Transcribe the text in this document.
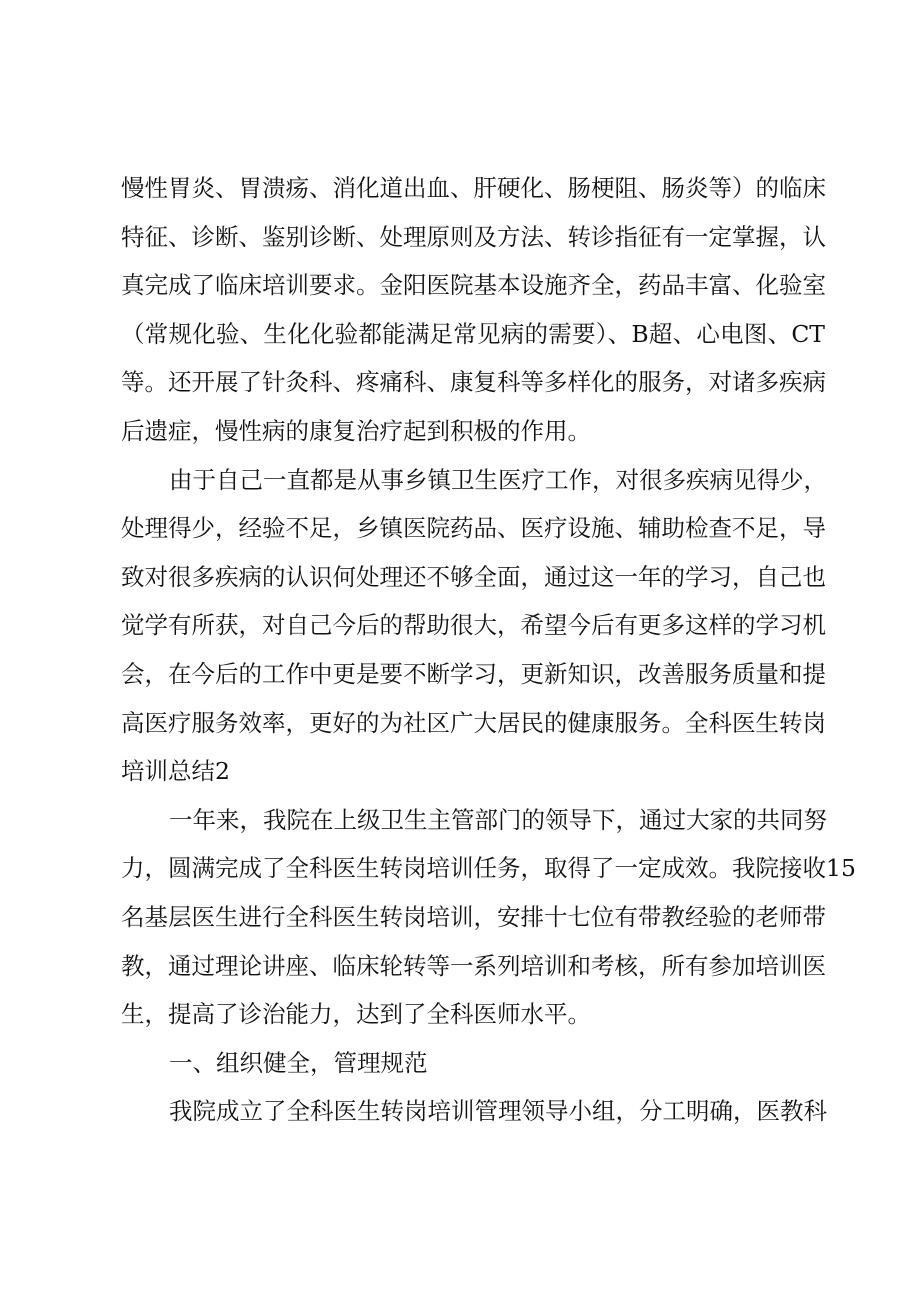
慢性胃炎、胃溃疡、消化道出血、肝硬化、肠梗阻、肠炎等）的临床
特征、诊断、鉴别诊断、处理原则及方法、转诊指征有一定掌握，认
真完成了临床培训要求。金阳医院基本设施齐全，药品丰富、化验室
（常规化验、生化化验都能满足常见病的需要）、B超、心电图、CT
等。还开展了针灸科、疼痛科、康复科等多样化的服务，对诸多疾病
后遗症，慢性病的康复治疗起到积极的作用。
由于自己一直都是从事乡镇卫生医疗工作，对很多疾病见得少，
处理得少，经验不足，乡镇医院药品、医疗设施、辅助检查不足，导
致对很多疾病的认识何处理还不够全面，通过这一年的学习，自己也
觉学有所获，对自己今后的帮助很大，希望今后有更多这样的学习机
会，在今后的工作中更是要不断学习，更新知识，改善服务质量和提
高医疗服务效率，更好的为社区广大居民的健康服务。全科医生转岗
培训总结2
一年来，我院在上级卫生主管部门的领导下，通过大家的共同努
力，圆满完成了全科医生转岗培训任务，取得了一定成效。我院接收15
名基层医生进行全科医生转岗培训，安排十七位有带教经验的老师带
教，通过理论讲座、临床轮转等一系列培训和考核，所有参加培训医
生，提高了诊治能力，达到了全科医师水平。
一、组织健全，管理规范
我院成立了全科医生转岗培训管理领导小组，分工明确，医教科
